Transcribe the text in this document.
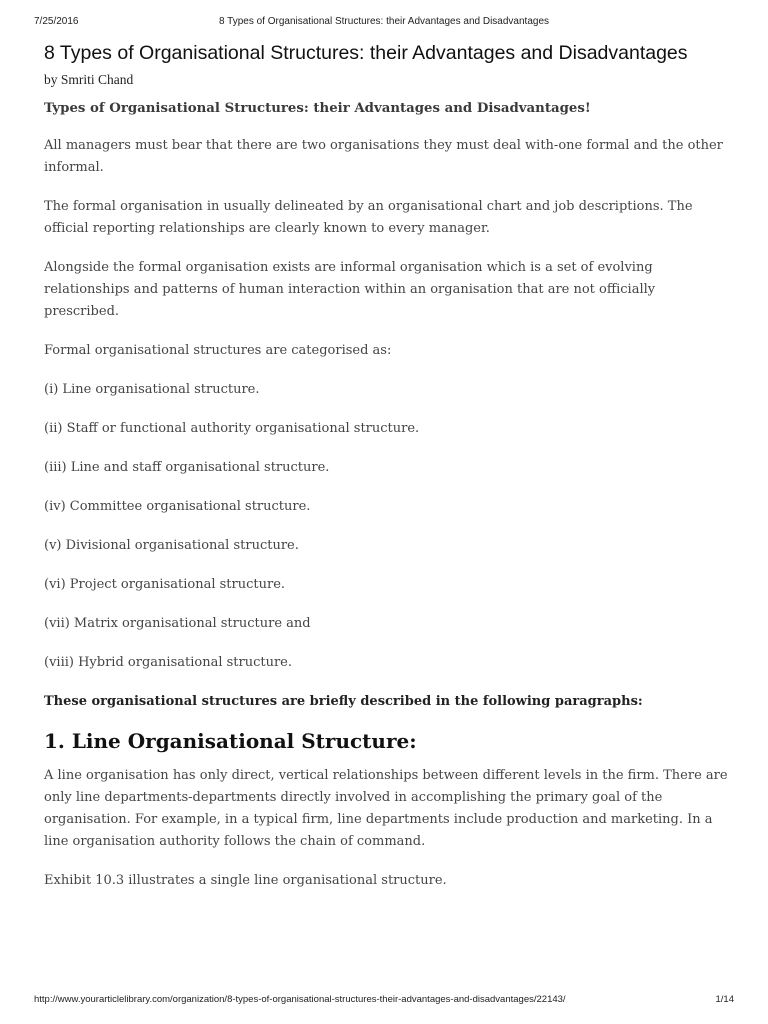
7/25/2016	8 Types of Organisational Structures: their Advantages and Disadvantages
8 Types of Organisational Structures: their Advantages and Disadvantages
by Smriti Chand

Types of Organisational Structures: their Advantages and Disadvantages!

All managers must bear that there are two organisations they must deal with-one formal and the other informal.

The formal organisation in usually delineated by an organisational chart and job descriptions. The official reporting relationships are clearly known to every manager.

Alongside the formal organisation exists are informal organisation which is a set of evolving relationships and patterns of human interaction within an organisation that are not officially prescribed.

Formal organisational structures are categorised as:

(i) Line organisational structure.

(ii) Staff or functional authority organisational structure.

(iii) Line and staff organisational structure.

(iv) Committee organisational structure.

(v) Divisional organisational structure.

(vi) Project organisational structure.

(vii) Matrix organisational structure and

(viii) Hybrid organisational structure.

These organisational structures are briefly described in the following paragraphs:

1. Line Organisational Structure:

A line organisation has only direct, vertical relationships between different levels in the firm. There are only line departments-departments directly involved in accomplishing the primary goal of the organisation. For example, in a typical firm, line departments include production and marketing. In a line organisation authority follows the chain of command.

Exhibit 10.3 illustrates a single line organisational structure.

http://www.yourarticlelibrary.com/organization/8-types-of-organisational-structures-their-advantages-and-disadvantages/22143/	1/14
